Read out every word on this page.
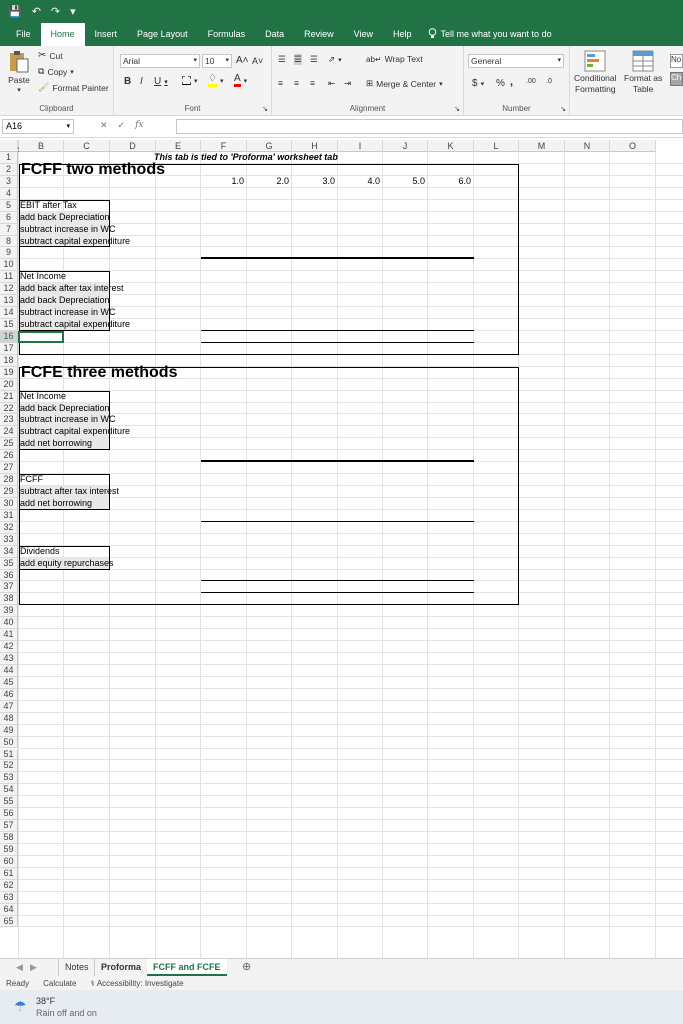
💾 ↶ ↷ ▾
File	Home	Insert	Page Layout	Formulas	Data	Review	View	Help	Tell me what you want to do
Paste
▾
✂ Cut
⧉ Copy ▾
🖌 Format Painter
Clipboard
Arial	▾ 10 ▾ A˄ A˅
B I U ▾	▾ ♢ ▾ A ▾
Font	↘
☰ ☰ ☰ ⇗ ▾	ab↵ Wrap Text
≡ ≡ ≡ ⇤ ⇥ ⊞ Merge & Center ▾
Alignment	↘
General	▾
$ ▾ % , .00 .0
Number	↘
Conditional
Formatting
Format as
Table
No
Ch
A16	▾	✕ ✓ fx
B	C	D	E	F	G	H	I	J	K	L	M	N	O
1
2
3
4
5
6
7
8
9
10
11
12
13
14
15
16
17
18
19
20
21
22
23
24
25
26
27
28
29
30
31
32
33
34
35
36
37
38
39
40
41
42
43
44
45
46
47
48
49
50
51
52
53
54
55
56
57
58
59
60
61
62
63
64
65
This tab is tied to 'Proforma' worksheet tab
FCFF two methods
FCFE three methods
1.0	2.0	3.0	4.0	5.0	6.0
EBIT after Tax
add back Depreciation
subtract increase in WC
subtract capital expenditure
Net Income
add back after tax interest
add back Depreciation
subtract increase in WC
subtract capital expenditure
Net Income
add back Depreciation
subtract increase in WC
subtract capital expenditure
add net borrowing
FCFF
subtract after tax interest
add net borrowing
Dividends
add equity repurchases
◀ ▶	Notes	Proforma	FCFF and FCFE	⊕
Ready Calculate ⚕ Accessibility: Investigate
☂ 38°F
Rain off and on
